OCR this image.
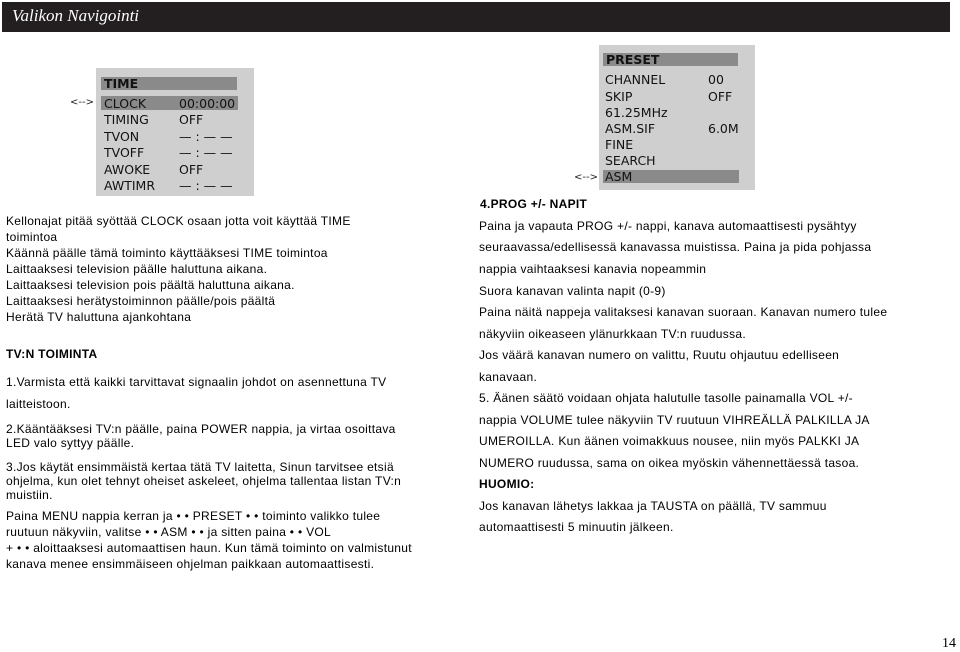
Valikon Navigointi
<-->
TIME
CLOCK	00:00:00
TIMING OFF
TVON	— : — —
TVOFF	— : — —
AWOKE OFF
AWTIMR — : — —
<-->
PRESET
CHANNEL	00
SKIP	OFF
61.25MHz
ASM.SIF	6.0M
FINE
SEARCH
ASM
Kellonajat pitää syöttää CLOCK osaan jotta voit käyttää TIME
toimintoa
Käännä päälle tämä toiminto käyttääksesi TIME toimintoa
Laittaaksesi television päälle haluttuna aikana.
Laittaaksesi television pois päältä haluttuna aikana.
Laittaaksesi herätystoiminnon päälle/pois päältä
Herätä TV haluttuna ajankohtana
TV:N TOIMINTA
1.Varmista että kaikki tarvittavat signaalin johdot on asennettuna TV
laitteistoon.
2.Kääntääksesi TV:n päälle, paina POWER nappia, ja virtaa osoittava
LED valo syttyy päälle.
3.Jos käytät ensimmäistä kertaa tätä TV laitetta, Sinun tarvitsee etsiä
ohjelma, kun olet tehnyt oheiset askeleet, ohjelma tallentaa listan TV:n
muistiin.
Paina MENU nappia kerran ja • • PRESET • • toiminto valikko tulee
ruutuun näkyviin, valitse • • ASM • • ja sitten paina • • VOL
+ • • aloittaaksesi automaattisen haun. Kun tämä toiminto on valmistunut
kanava menee ensimmäiseen ohjelman paikkaan automaattisesti.
4.PROG +/- NAPIT
Paina ja vapauta PROG +/- nappi, kanava automaattisesti pysähtyy
seuraavassa/edellisessä kanavassa muistissa. Paina ja pida pohjassa
nappia vaihtaaksesi kanavia nopeammin
Suora kanavan valinta napit (0-9)
Paina näitä nappeja valitaksesi kanavan suoraan. Kanavan numero tulee
näkyviin oikeaseen ylänurkkaan TV:n ruudussa.
Jos väärä kanavan numero on valittu, Ruutu ohjautuu edelliseen
kanavaan.
5. Äänen säätö voidaan ohjata halutulle tasolle painamalla VOL +/-
nappia VOLUME tulee näkyviin TV ruutuun VIHREÄLLÄ PALKILLA JA
UMEROILLA. Kun äänen voimakkuus nousee, niin myös PALKKI JA
NUMERO ruudussa, sama on oikea myöskin vähennettäessä tasoa.
HUOMIO:
Jos kanavan lähetys lakkaa ja TAUSTA on päällä, TV sammuu
automaattisesti 5 minuutin jälkeen.
14
